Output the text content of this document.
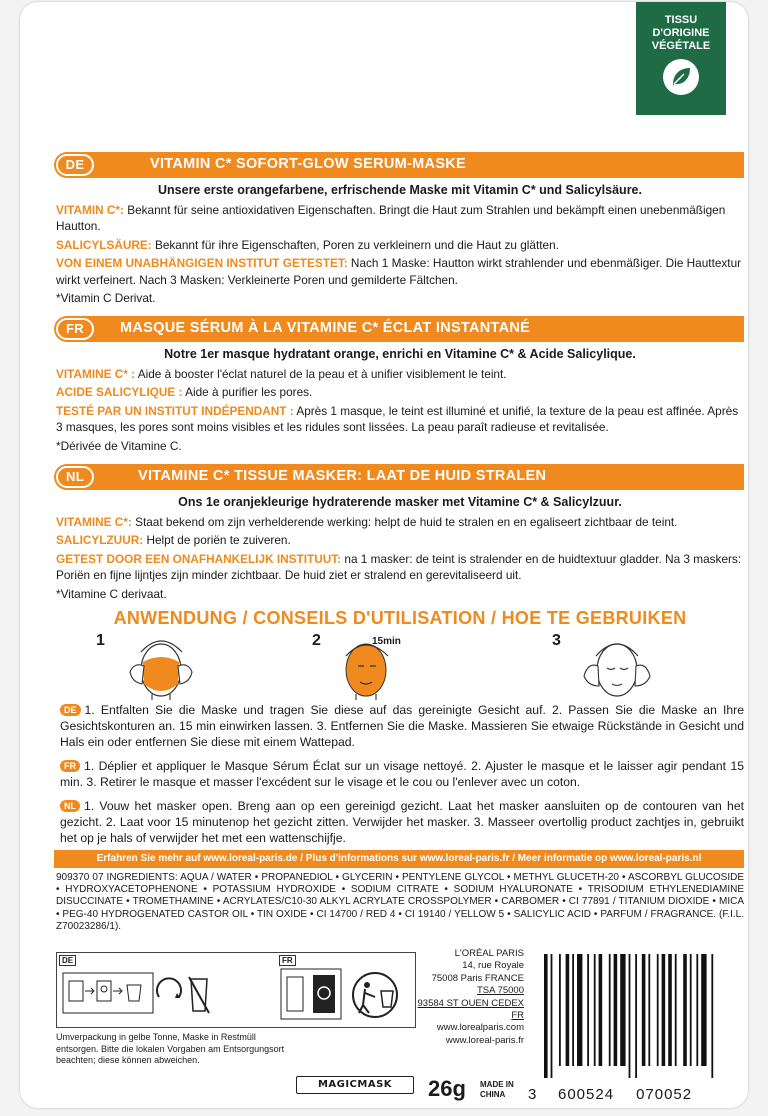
TISSU
D'ORIGINE
VÉGÉTALE
DE	VITAMIN C* SOFORT-GLOW SERUM-MASKE
Unsere erste orangefarbene, erfrischende Maske mit Vitamin C* und Salicylsäure.
VITAMIN C*: Bekannt für seine antioxidativen Eigenschaften. Bringt die Haut zum Strahlen und bekämpft einen unebenmäßigen Hautton.
SALICYLSÄURE: Bekannt für ihre Eigenschaften, Poren zu verkleinern und die Haut zu glätten.
VON EINEM UNABHÄNGIGEN INSTITUT GETESTET: Nach 1 Maske: Hautton wirkt strahlender und ebenmäßiger. Die Hauttextur wirkt verfeinert. Nach 3 Masken: Verkleinerte Poren und gemilderte Fältchen.
*Vitamin C Derivat.
FR	MASQUE SÉRUM À LA VITAMINE C* ÉCLAT INSTANTANÉ
Notre 1er masque hydratant orange, enrichi en Vitamine C* & Acide Salicylique.
VITAMINE C* : Aide à booster l'éclat naturel de la peau et à unifier visiblement le teint.
ACIDE SALICYLIQUE : Aide à purifier les pores.
TESTÉ PAR UN INSTITUT INDÉPENDANT : Après 1 masque, le teint est illuminé et unifié, la texture de la peau est affinée. Après 3 masques, les pores sont moins visibles et les ridules sont lissées. La peau paraît radieuse et revitalisée.
*Dérivée de Vitamine C.
NL	VITAMINE C* TISSUE MASKER: LAAT DE HUID STRALEN
Ons 1e oranjekleurige hydraterende masker met Vitamine C* & Salicylzuur.
VITAMINE C*: Staat bekend om zijn verhelderende werking: helpt de huid te stralen en en egaliseert zichtbaar de teint.
SALICYLZUUR: Helpt de poriën te zuiveren.
GETEST DOOR EEN ONAFHANKELIJK INSTITUUT: na 1 masker: de teint is stralender en de huidtextuur gladder. Na 3 maskers: Poriën en fijne lijntjes zijn minder zichtbaar. De huid ziet er stralend en gerevitaliseerd uit.
*Vitamine C derivaat.
ANWENDUNG / CONSEILS D'UTILISATION / HOE TE GEBRUIKEN
1	2	15min	3
DE 1. Entfalten Sie die Maske und tragen Sie diese auf das gereinigte Gesicht auf. 2. Passen Sie die Maske an Ihre Gesichtskonturen an. 15 min einwirken lassen. 3. Entfernen Sie die Maske. Massieren Sie etwaige Rückstände in Gesicht und Hals ein oder entfernen Sie diese mit einem Wattepad.
FR 1. Déplier et appliquer le Masque Sérum Éclat sur un visage nettoyé. 2. Ajuster le masque et le laisser agir pendant 15 min. 3. Retirer le masque et masser l'excédent sur le visage et le cou ou l'enlever avec un coton.
NL 1. Vouw het masker open. Breng aan op een gereinigd gezicht. Laat het masker aansluiten op de contouren van het gezicht. 2. Laat voor 15 minutenop het gezicht zitten. Verwijder het masker. 3. Masseer overtollig product zachtjes in, gebruikt het op je hals of verwijder het met een wattenschijfje.
Erfahren Sie mehr auf www.loreal-paris.de / Plus d'informations sur www.loreal-paris.fr / Meer informatie op www.loreal-paris.nl
909370 07 INGREDIENTS: AQUA / WATER • PROPANEDIOL • GLYCERIN • PENTYLENE GLYCOL • METHYL GLUCETH-20 • ASCORBYL GLUCOSIDE • HYDROXYACETOPHENONE • POTASSIUM HYDROXIDE • SODIUM CITRATE • SODIUM HYALURONATE • TRISODIUM ETHYLENEDIAMINE DISUCCINATE • TROMETHAMINE • ACRYLATES/C10-30 ALKYL ACRYLATE CROSSPOLYMER • CARBOMER • CI 77891 / TITANIUM DIOXIDE • MICA • PEG-40 HYDROGENATED CASTOR OIL • TIN OXIDE • CI 14700 / RED 4 • CI 19140 / YELLOW 5 • SALICYLIC ACID • PARFUM / FRAGRANCE. (F.I.L. Z70023286/1).
DE	FR
Umverpackung in gelbe Tonne, Maske in Restmüll entsorgen. Bitte die lokalen Vorgaben am Entsorgungsort beachten; diese können abweichen.
MAGICMASK
L'ORÉAL PARIS
14, rue Royale
75008 Paris FRANCE
TSA 75000
93584 ST OUEN CEDEX FR
www.lorealparis.com
www.loreal-paris.fr
26g MADE IN
CHINA	3 600524 070052
